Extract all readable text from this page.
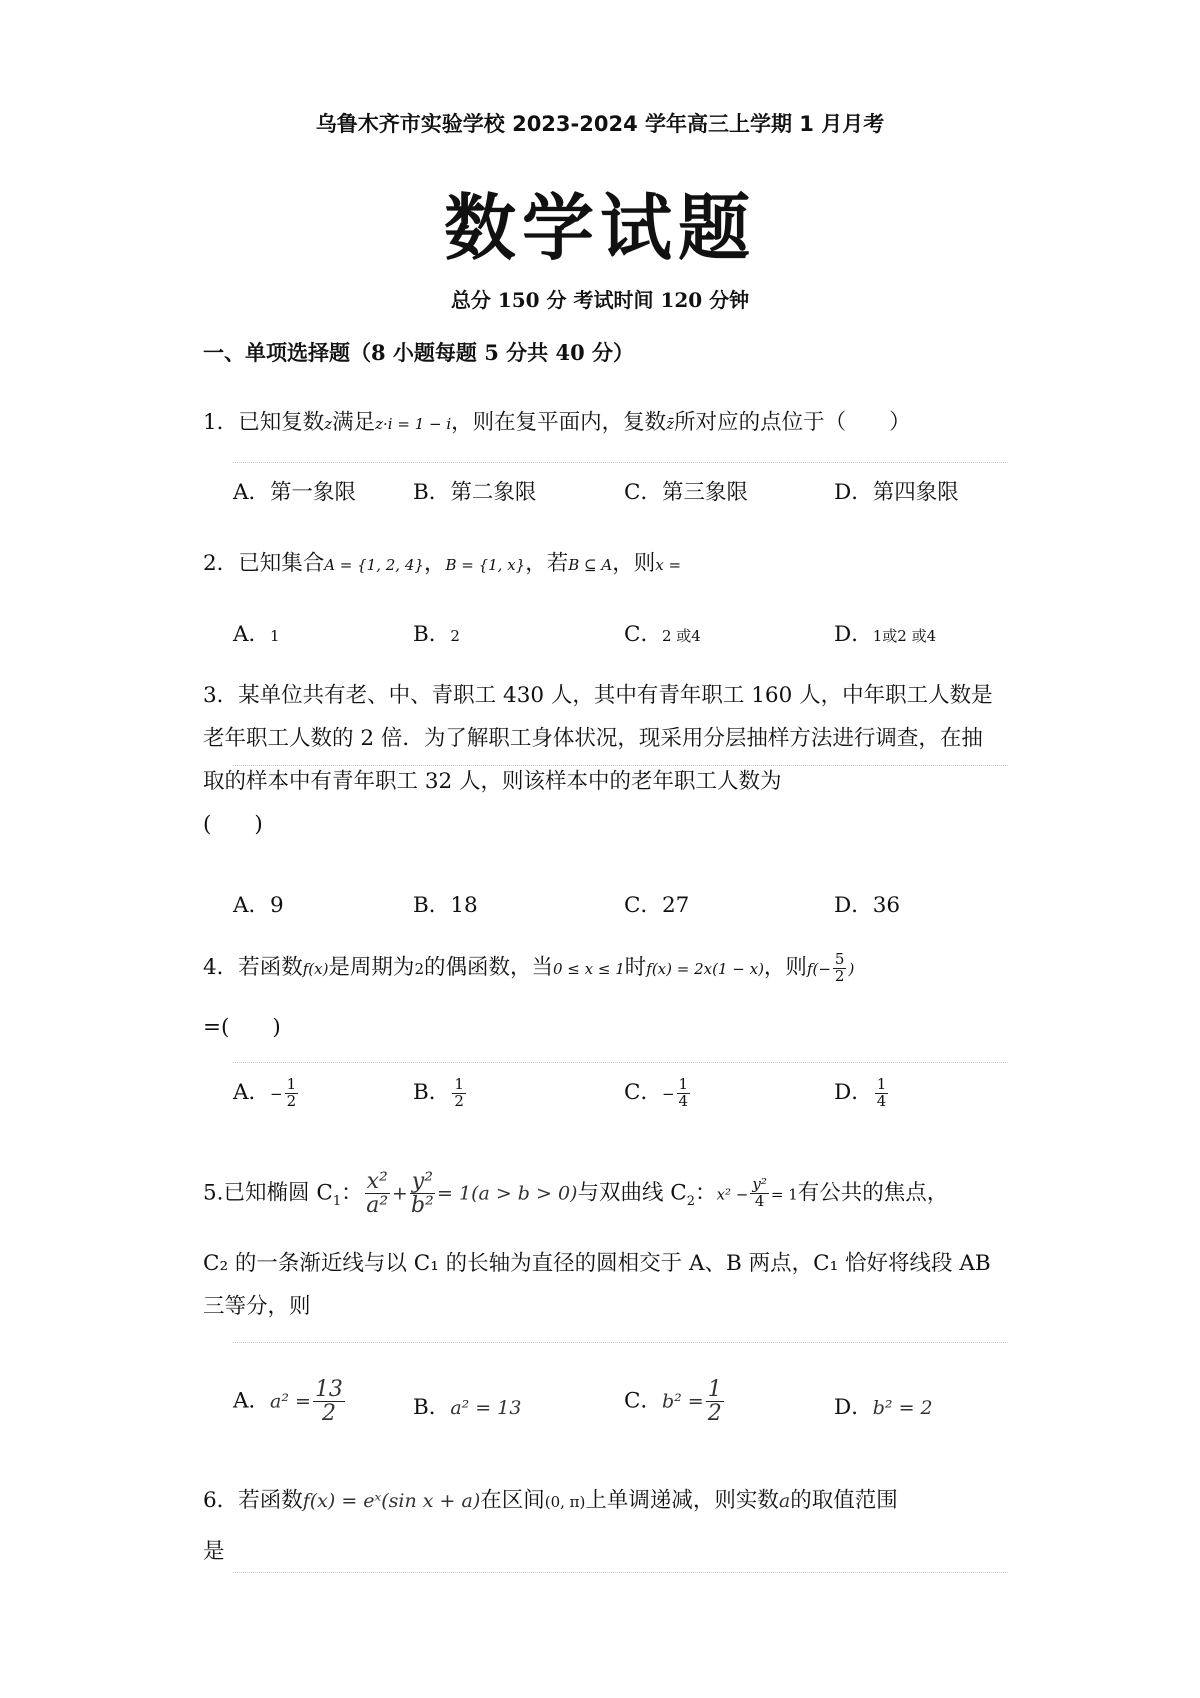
乌鲁木齐市实验学校 2023-2024 学年高三上学期 1 月月考
数学试题
总分 150 分 考试时间 120 分钟
一、单项选择题（8 小题每题 5 分共 40 分）
1．已知复数z满足z·i = 1 − i，则在复平面内，复数z̄所对应的点位于（　　）
A．第一象限	B．第二象限	C．第三象限	D．第四象限
2．已知集合A = {1, 2, 4}，B = {1, x}，若B ⊆ A，则x =
A．1	B．2	C．2 或4	D．1或2 或4
3．某单位共有老、中、青职工 430 人，其中有青年职工 160 人，中年职工人数是老年职工人数的 2 倍．为了解职工身体状况，现采用分层抽样方法进行调查，在抽取的样本中有青年职工 32 人，则该样本中的老年职工人数为
(　　)
A．9	B．18	C．27	D．36
4．若函数f(x)是周期为2的偶函数，当0 ≤ x ≤ 1时f(x) = 2x(1 − x)，则$f(- \frac{5}{2}$ )
=(　　)
A．− $\frac{1}{2}$	B． $\frac{1}{2}$	C．− $\frac{1}{4}$	D． $\frac{1}{4}$
5.已知椭圆 $C_1$： $\frac{\text{x²}}{\text{a²}} + \frac{\text{y²}}{\text{b²}} = 1(a > b > 0)$与双曲线 $C_2$：$x^2 - \frac{\text{y²}}{4} = 1$有公共的焦点，
C₂ 的一条渐近线与以 C₁ 的长轴为直径的圆相交于 A、B 两点，C₁ 恰好将线段 AB 三等分，则
A．$a^2 = \frac{13}{2}$	B．a² = 13	C．$b^2 = \frac{1}{2}$	D．b² = 2
6．若函数f(x) = eˣ(sin x + a)在区间(0, π)上单调递减，则实数a的取值范围
是
